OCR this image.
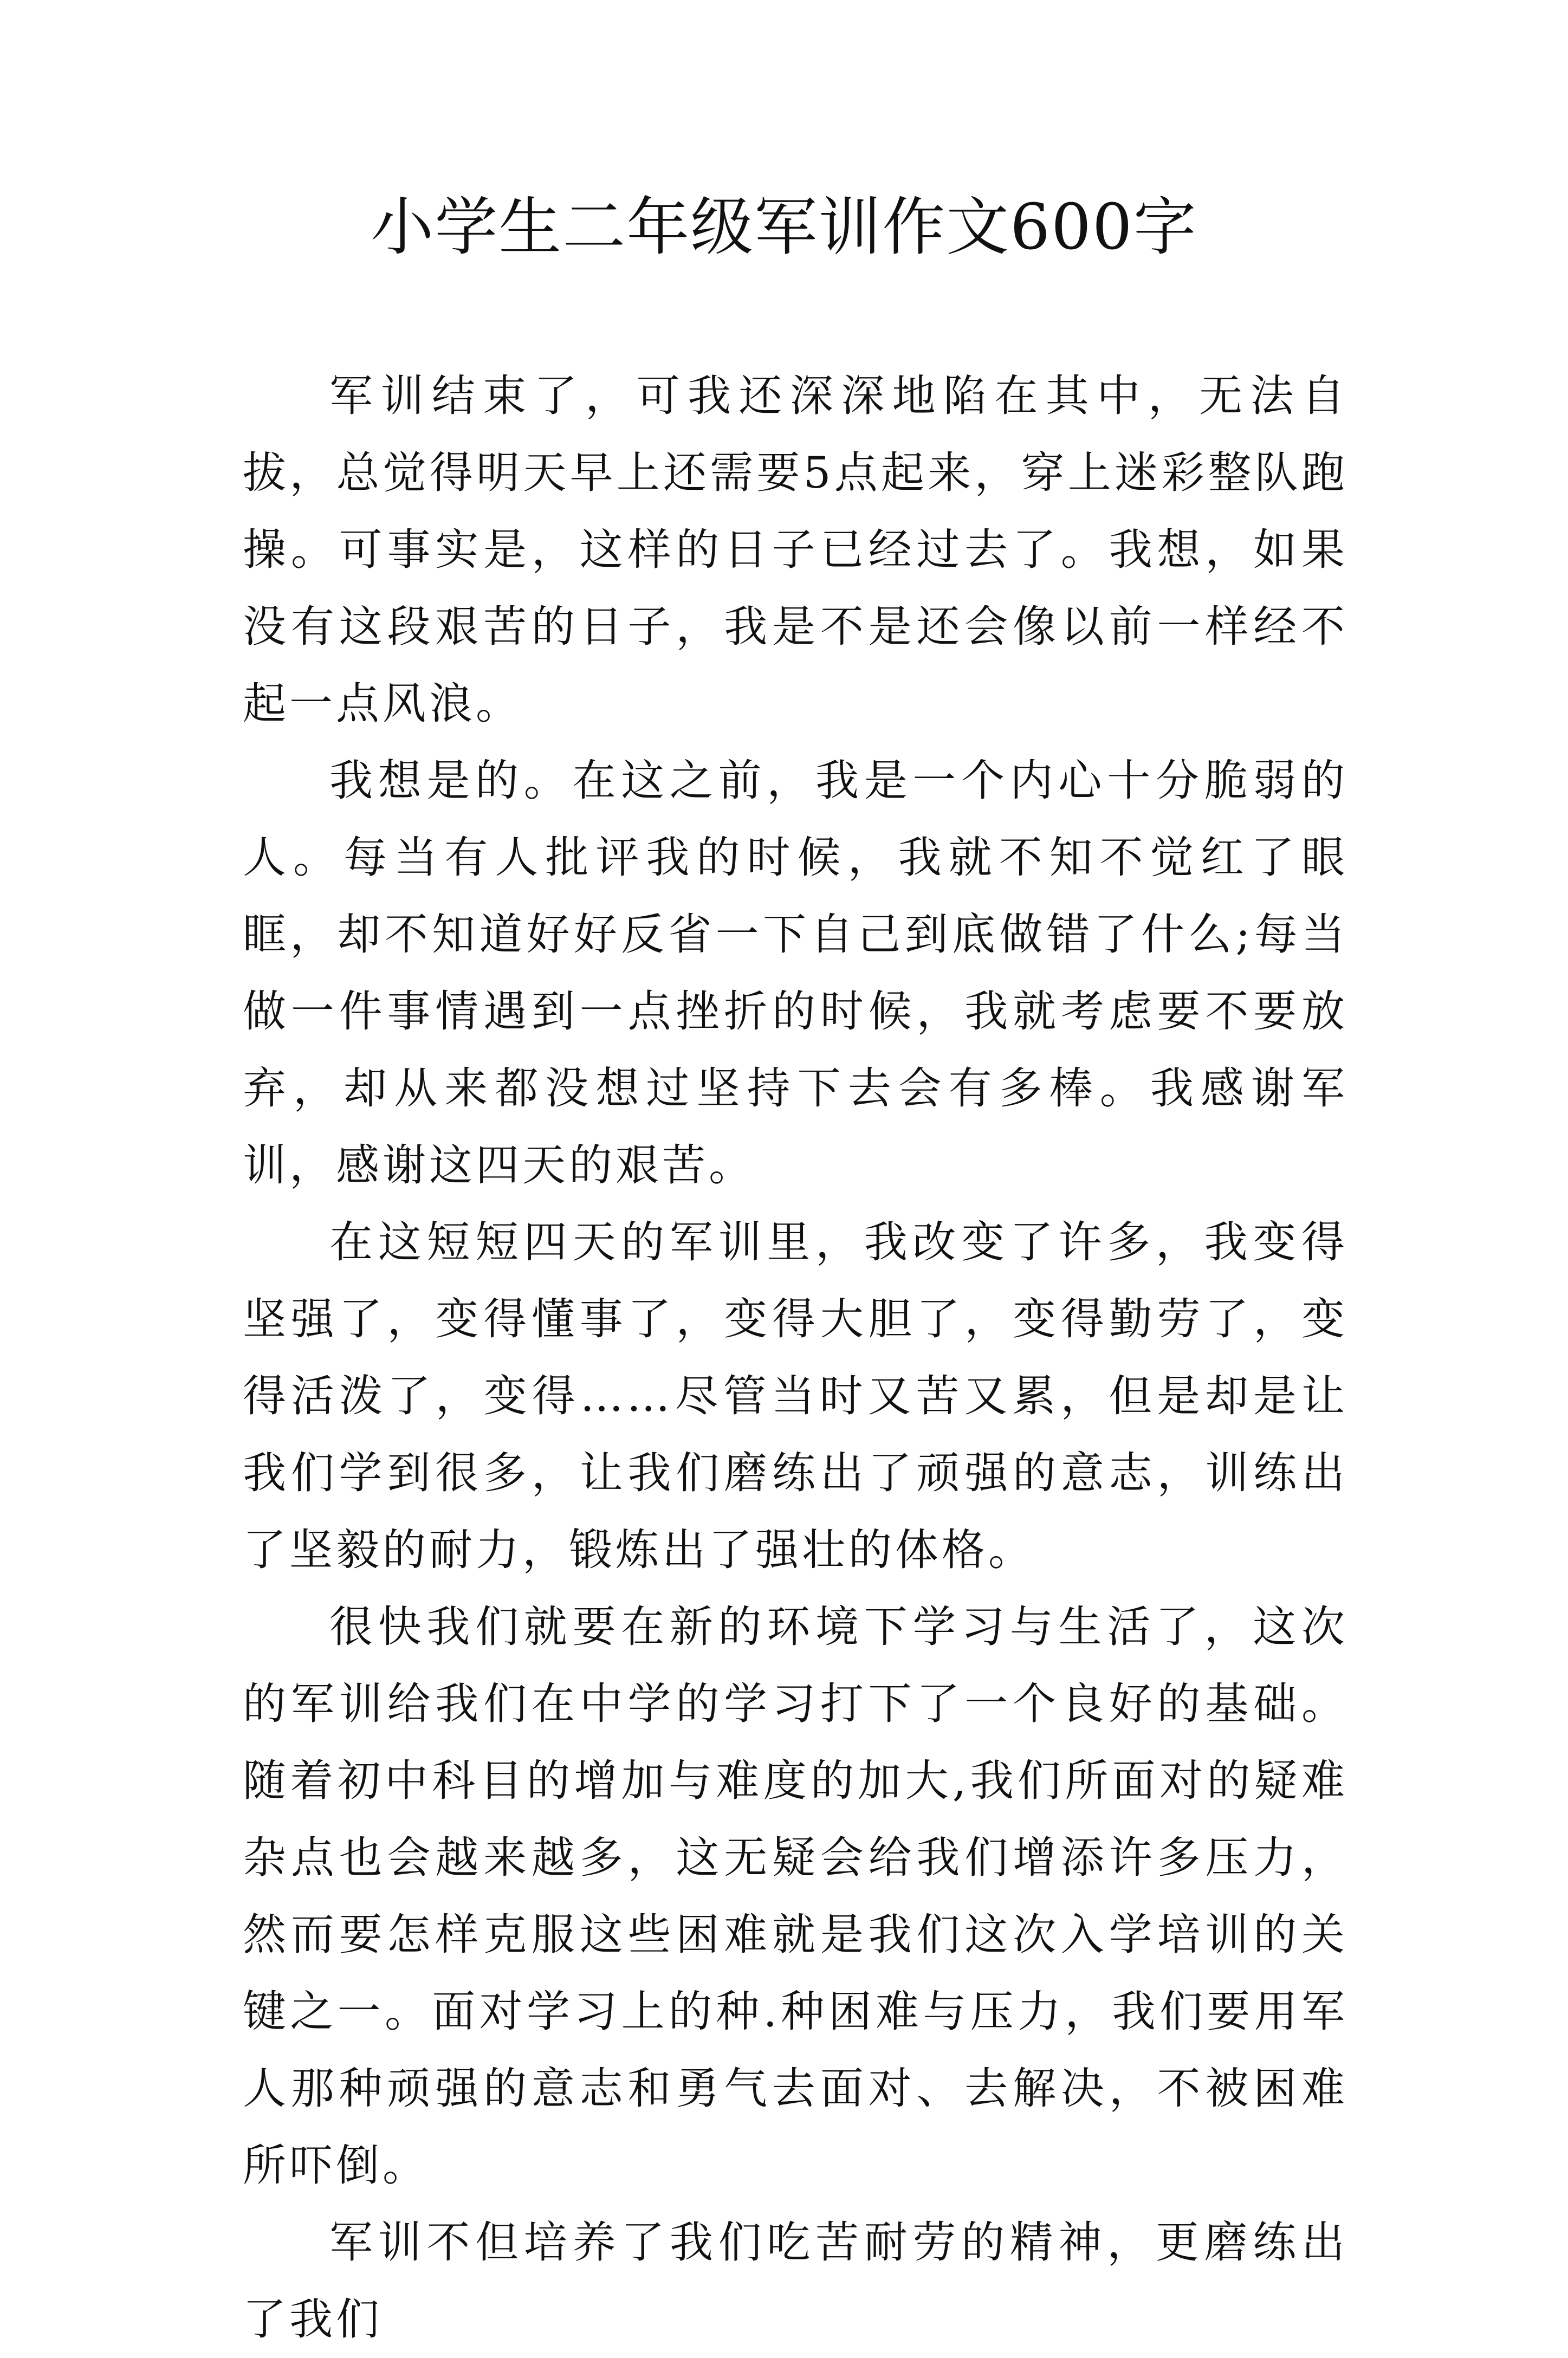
小学生二年级军训作文600字

军训结束了，可我还深深地陷在其中，无法自拔，总觉得明天早上还需要5点起来，穿上迷彩整队跑操。可事实是，这样的日子已经过去了。我想，如果没有这段艰苦的日子，我是不是还会像以前一样经不起一点风浪。

我想是的。在这之前，我是一个内心十分脆弱的人。每当有人批评我的时候，我就不知不觉红了眼眶，却不知道好好反省一下自己到底做错了什么;每当做一件事情遇到一点挫折的时候，我就考虑要不要放弃，却从来都没想过坚持下去会有多棒。我感谢军训，感谢这四天的艰苦。

在这短短四天的军训里，我改变了许多，我变得坚强了，变得懂事了，变得大胆了，变得勤劳了，变得活泼了，变得……尽管当时又苦又累，但是却是让我们学到很多，让我们磨练出了顽强的意志，训练出了坚毅的耐力，锻炼出了强壮的体格。

很快我们就要在新的环境下学习与生活了，这次的军训给我们在中学的学习打下了一个良好的基础。随着初中科目的增加与难度的加大,我们所面对的疑难杂点也会越来越多，这无疑会给我们增添许多压力，然而要怎样克服这些困难就是我们这次入学培训的关键之一。面对学习上的种.种困难与压力，我们要用军人那种顽强的意志和勇气去面对、去解决，不被困难所吓倒。

军训不但培养了我们吃苦耐劳的精神，更磨练出了我们
